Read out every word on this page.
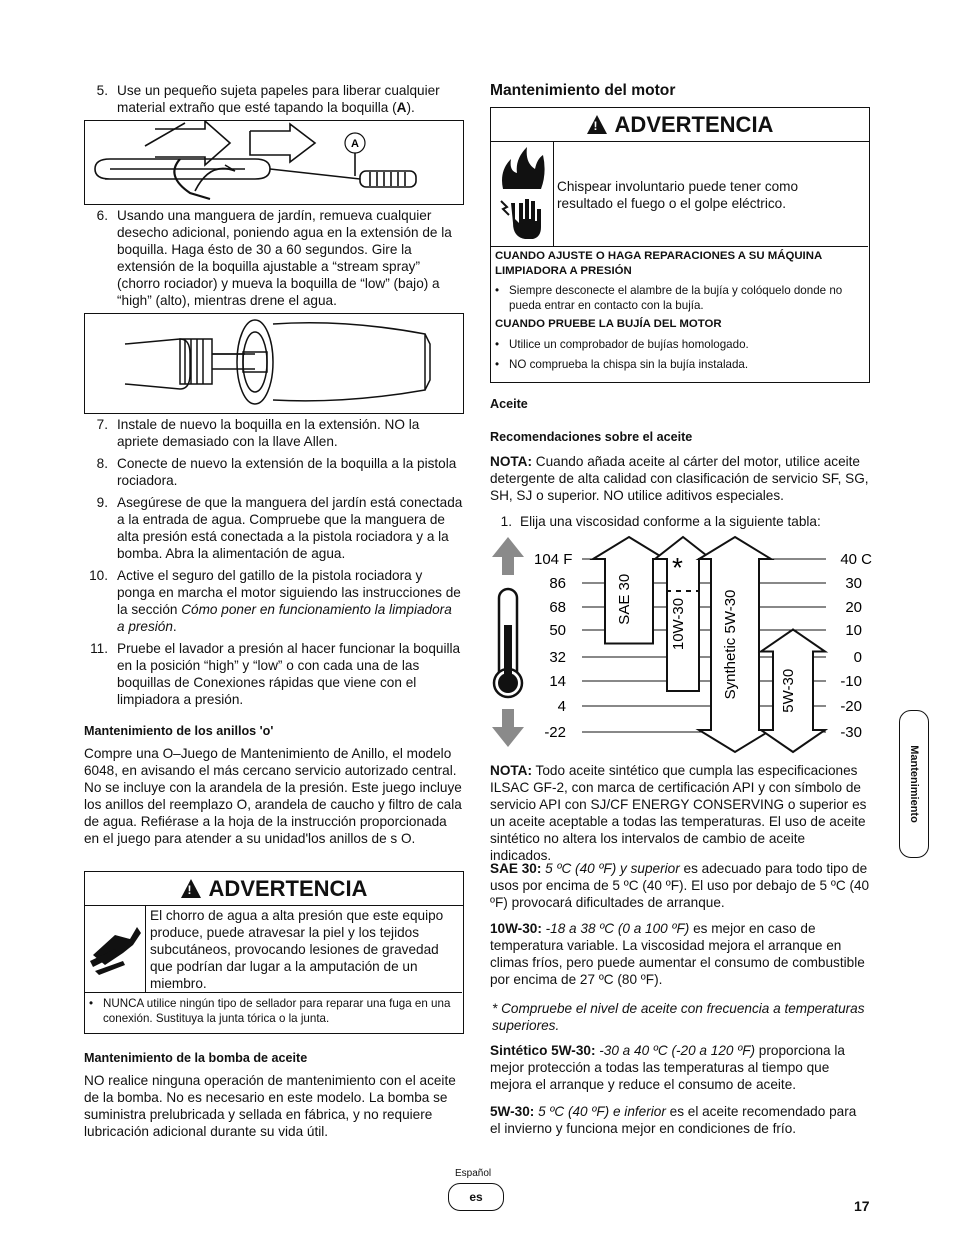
5. Use un pequeño sujeta papeles para liberar cualquier material extraño que esté tapando la boquilla (A).
A
6. Usando una manguera de jardín, remueva cualquier desecho adicional, poniendo agua en la extensión de la boquilla. Haga ésto de 30 a 60 segundos. Gire la extensión de la boquilla ajustable a “stream spray” (chorro rociador) y mueva la boquilla de “low” (bajo) a “high” (alto), mientras drene el agua.
7. Instale de nuevo la boquilla en la extensión. NO la apriete demasiado con la llave Allen.
8. Conecte de nuevo la extensión de la boquilla a la pistola rociadora.
9. Asegúrese de que la manguera del jardín está conectada a la entrada de agua. Compruebe que la manguera de alta presión está conectada a la pistola rociadora y a la bomba. Abra la alimentación de agua.
10. Active el seguro del gatillo de la pistola rociadora y ponga en marcha el motor siguiendo las instrucciones de la sección Cómo poner en funcionamiento la limpiadora a presión.
11. Pruebe el lavador a presión al hacer funcionar la boquilla en la posición “high” y “low” o con cada una de las boquillas de Conexiones rápidas que viene con el limpiadora a presión.
Mantenimiento de los anillos 'o'

Compre una O–Juego de Mantenimiento de Anillo, el modelo 6048, en avisando el más cercano servicio autorizado central. No se incluye con la arandela de la presión. Este juego incluye los anillos del reemplazo O, arandela de caucho y filtro de cala de agua. Refiérase a la hoja de la instrucción proporcionada en el juego para atender a su unidad'los anillos de s O.

! ADVERTENCIA
El chorro de agua a alta presión que este equipo produce, puede atravesar la piel y los tejidos subcutáneos, provocando lesiones de gravedad que podrían dar lugar a la amputación de un miembro.
• NUNCA utilice ningún tipo de sellador para reparar una fuga en una conexión. Sustituya la junta tórica o la junta.
Mantenimiento de la bomba de aceite

NO realice ninguna operación de mantenimiento con el aceite de la bomba. No es necesario en este modelo. La bomba se suministra prelubricada y sellada en fábrica, y no requiere lubricación adicional durante su vida útil.

Mantenimiento del motor
! ADVERTENCIA
Chispear involuntario puede tener como resultado el fuego o el golpe eléctrico.
CUANDO AJUSTE O HAGA REPARACIONES A SU MÁQUINA LIMPIADORA A PRESIÓN
• Siempre desconecte el alambre de la bujía y colóquelo donde no pueda entrar en contacto con la bujía.
CUANDO PRUEBE LA BUJÍA DEL MOTOR
• Utilice un comprobador de bujías homologado.
• NO comprueba la chispa sin la bujía instalada.
Aceite
Recomendaciones sobre el aceite

NOTA: Cuando añada aceite al cárter del motor, utilice aceite detergente de alta calidad con clasificación de servicio SF, SG, SH, SJ o superior. NO utilice aditivos especiales.

1. Elija una viscosidad conforme a la siguiente tabla:
104 F	40 C
86	30
68	20
50	10
32	0
14	-10
4	-20
-22	-30
SAE 30 10W-30 Synthetic 5W-30	5W-30
*

NOTA: Todo aceite sintético que cumpla las especificaciones ILSAC GF-2, con marca de certificación API y con símbolo de servicio API con SJ/CF ENERGY CONSERVING o superior es un aceite aceptable a todas las temperaturas. El uso de aceite sintético no altera los intervalos de cambio de aceite indicados.

SAE 30: 5 ºC (40 ºF) y superior es adecuado para todo tipo de usos por encima de 5 ºC (40 ºF). El uso por debajo de 5 ºC (40 ºF) provocará dificultades de arranque.

10W-30: -18 a 38 ºC (0 a 100 ºF) es mejor en caso de temperatura variable. La viscosidad mejora el arranque en climas fríos, pero puede aumentar el consumo de combustible por encima de 27 ºC (80 ºF).

* Compruebe el nivel de aceite con frecuencia a temperaturas superiores.

Sintético 5W-30: -30 a 40 ºC (-20 a 120 ºF) proporciona la mejor protección a todas las temperaturas al tiempo que mejora el arranque y reduce el consumo de aceite.

5W-30: 5 ºC (40 ºF) e inferior es el aceite recomendado para el invierno y funciona mejor en condiciones de frío.

Mantenimiento
Español
es
17
